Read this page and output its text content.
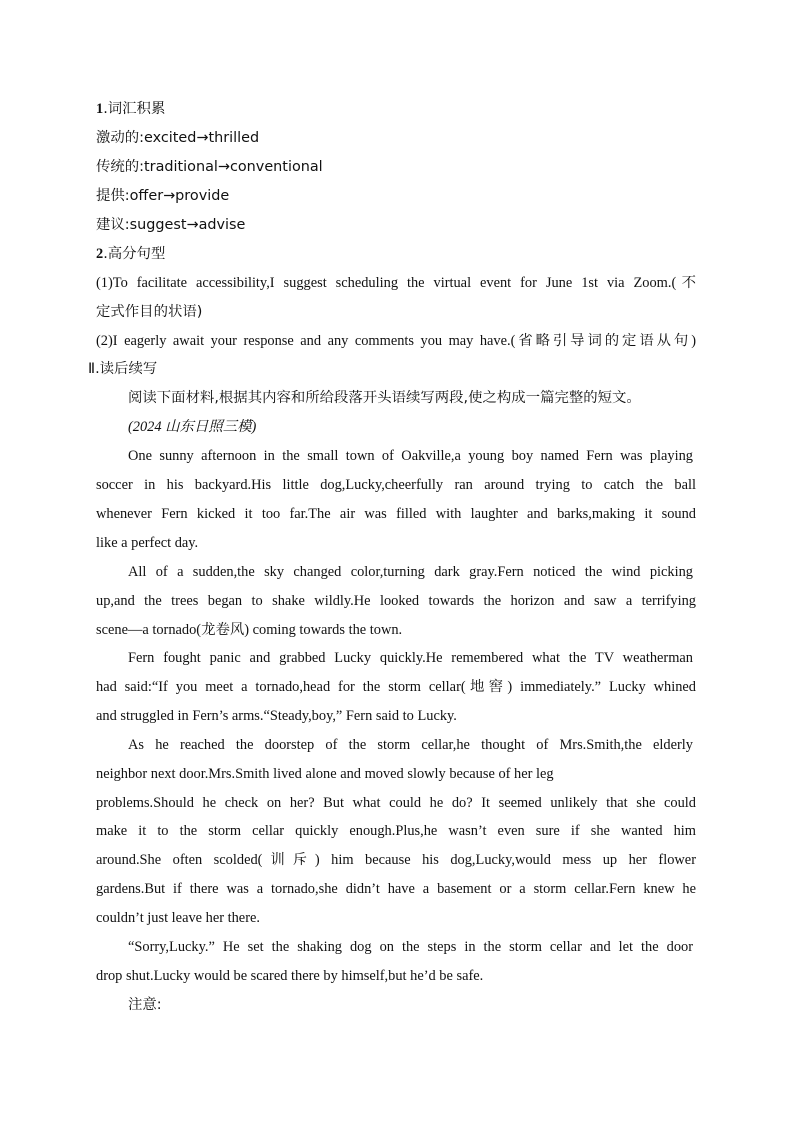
1.词汇积累
激动的:excited→thrilled
传统的:traditional→conventional
提供:offer→provide
建议:suggest→advise
2.高分句型
(1)To facilitate accessibility,I suggest scheduling the virtual event for June 1st via Zoom.(不
定式作目的状语)
(2)I eagerly await your response and any comments you may have.(省略引导词的定语从句)
Ⅱ.读后续写
阅读下面材料,根据其内容和所给段落开头语续写两段,使之构成一篇完整的短文。
(2024 山东日照三模)
One sunny afternoon in the small town of Oakville,a young boy named Fern was playing
soccer in his backyard.His little dog,Lucky,cheerfully ran around trying to catch the ball
whenever Fern kicked it too far.The air was filled with laughter and barks,making it sound
like a perfect day.
All of a sudden,the sky changed color,turning dark gray.Fern noticed the wind picking
up,and the trees began to shake wildly.He looked towards the horizon and saw a terrifying
scene—a tornado(龙卷风) coming towards the town.
Fern fought panic and grabbed Lucky quickly.He remembered what the TV weatherman
had said:“If you meet a tornado,head for the storm cellar(地窖) immediately.” Lucky whined
and struggled in Fern’s arms.“Steady,boy,” Fern said to Lucky.
As he reached the doorstep of the storm cellar,he thought of Mrs.Smith,the elderly
neighbor next door.Mrs.Smith lived alone and moved slowly because of her leg
problems.Should he check on her? But what could he do? It seemed unlikely that she could
make it to the storm cellar quickly enough.Plus,he wasn’t even sure if she wanted him
around.She often scolded(训斥) him because his dog,Lucky,would mess up her flower
gardens.But if there was a tornado,she didn’t have a basement or a storm cellar.Fern knew he
couldn’t just leave her there.
“Sorry,Lucky.” He set the shaking dog on the steps in the storm cellar and let the door
drop shut.Lucky would be scared there by himself,but he’d be safe.
注意:
